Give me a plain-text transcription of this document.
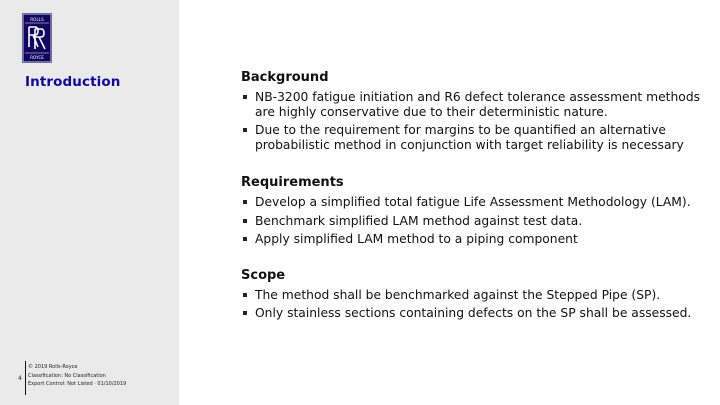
ROLLS
ROYCE
Introduction
4
© 2019 Rolls-Royce
Classification: No Classification
Export Control: Not Listed · 01/10/2019
Background
NB-3200 fatigue initiation and R6 defect tolerance assessment methods are highly conservative due to their deterministic nature.
Due to the requirement for margins to be quantified an alternative probabilistic method in conjunction with target reliability is necessary
Requirements
Develop a simplified total fatigue Life Assessment Methodology (LAM).
Benchmark simplified LAM method against test data.
Apply simplified LAM method to a piping component
Scope
The method shall be benchmarked against the Stepped Pipe (SP).
Only stainless sections containing defects on the SP shall be assessed.
